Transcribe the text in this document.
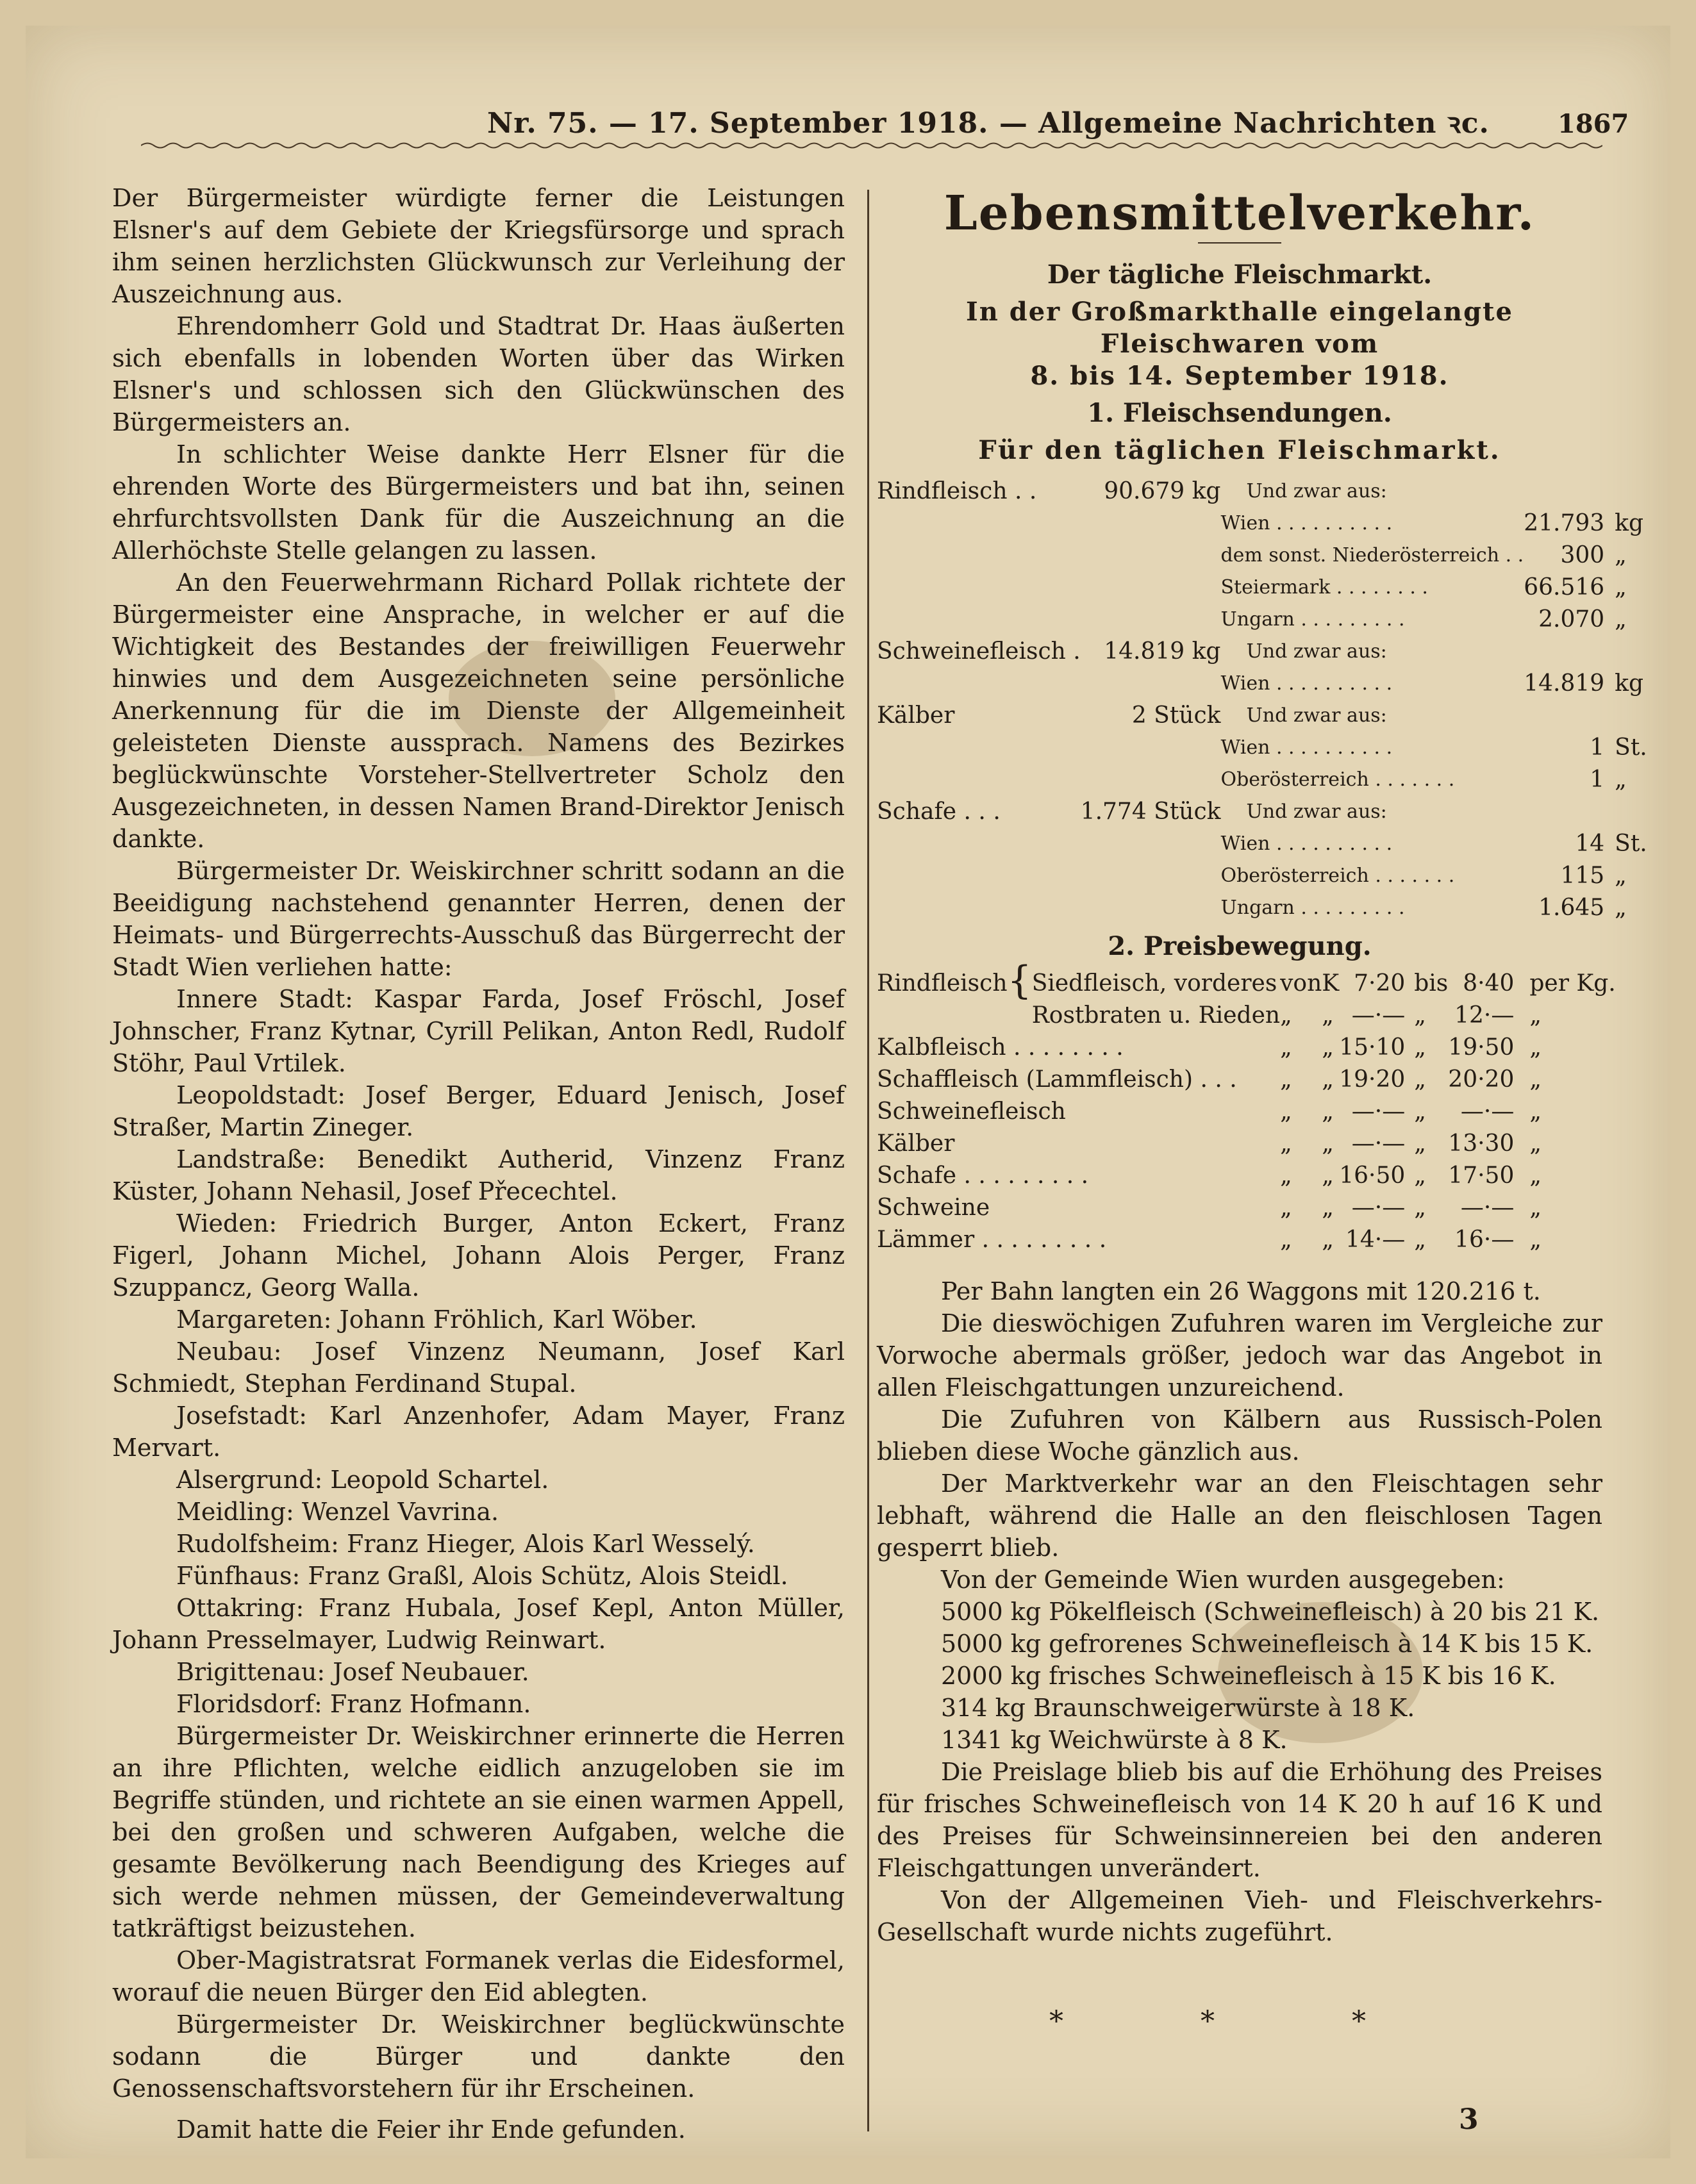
Nr. 75. — 17. September 1918. — Allgemeine Nachrichten ꝛc.	1867

Der Bürgermeister würdigte ferner die Leistungen Elsner's auf dem Gebiete der Kriegsfürsorge und sprach ihm seinen herzlichsten Glückwunsch zur Verleihung der Auszeichnung aus.

Ehrendomherr Gold und Stadtrat Dr. Haas äußerten sich ebenfalls in lobenden Worten über das Wirken Elsner's und schlossen sich den Glückwünschen des Bürgermeisters an.

In schlichter Weise dankte Herr Elsner für die ehrenden Worte des Bürgermeisters und bat ihn, seinen ehrfurchtsvollsten Dank für die Auszeichnung an die Allerhöchste Stelle gelangen zu lassen.

An den Feuerwehrmann Richard Pollak richtete der Bürgermeister eine Ansprache, in welcher er auf die Wichtigkeit des Bestandes der freiwilligen Feuerwehr hinwies und dem Ausgezeichneten seine persönliche Anerkennung für die im Dienste der Allgemeinheit geleisteten Dienste aussprach. Namens des Bezirkes beglückwünschte Vorsteher-Stellvertreter Scholz den Ausgezeichneten, in dessen Namen Brand-Direktor Jenisch dankte.

Bürgermeister Dr. Weiskirchner schritt sodann an die Beeidigung nachstehend genannter Herren, denen der Heimats- und Bürgerrechts-Ausschuß das Bürgerrecht der Stadt Wien verliehen hatte:

Innere Stadt: Kaspar Farda, Josef Fröschl, Josef Johnscher, Franz Kytnar, Cyrill Pelikan, Anton Redl, Rudolf Stöhr, Paul Vrtilek.

Leopoldstadt: Josef Berger, Eduard Jenisch, Josef Straßer, Martin Zineger.

Landstraße: Benedikt Autherid, Vinzenz Franz Küster, Johann Nehasil, Josef Přecechtel.

Wieden: Friedrich Burger, Anton Eckert, Franz Figerl, Johann Michel, Johann Alois Perger, Franz Szuppancz, Georg Walla.

Margareten: Johann Fröhlich, Karl Wöber.

Neubau: Josef Vinzenz Neumann, Josef Karl Schmiedt, Stephan Ferdinand Stupal.

Josefstadt: Karl Anzenhofer, Adam Mayer, Franz Mervart.

Alsergrund: Leopold Schartel.

Meidling: Wenzel Vavrina.

Rudolfsheim: Franz Hieger, Alois Karl Wesselý.

Fünfhaus: Franz Graßl, Alois Schütz, Alois Steidl.

Ottakring: Franz Hubala, Josef Kepl, Anton Müller, Johann Presselmayer, Ludwig Reinwart.

Brigittenau: Josef Neubauer.

Floridsdorf: Franz Hofmann.

Bürgermeister Dr. Weiskirchner erinnerte die Herren an ihre Pflichten, welche eidlich anzugeloben sie im Begriffe stünden, und richtete an sie einen warmen Appell, bei den großen und schweren Aufgaben, welche die gesamte Bevölkerung nach Beendigung des Krieges auf sich werde nehmen müssen, der Gemeindeverwaltung tatkräftigst beizustehen.

Ober-Magistratsrat Formanek verlas die Eidesformel, worauf die neuen Bürger den Eid ablegten.

Bürgermeister Dr. Weiskirchner beglückwünschte sodann die Bürger und dankte den Genossenschaftsvorstehern für ihr Erscheinen.

Damit hatte die Feier ihr Ende gefunden.

Lebensmittelverkehr.
Der tägliche Fleischmarkt.
In der Großmarkthalle eingelangte Fleischwaren vom
8. bis 14. September 1918.
1. Fleischsendungen.
Für den täglichen Fleischmarkt.
Rindfleisch . .	90.679 kg	Und zwar aus:		
		Wien . . . . . . . . . .	21.793	kg
		dem sonst. Niederösterreich . .	300	„
		Steiermark . . . . . . . .	66.516	„
		Ungarn . . . . . . . . .	2.070	„
Schweinefleisch .	14.819 kg	Und zwar aus:		
		Wien . . . . . . . . . .	14.819	kg
Kälber	2 Stück	Und zwar aus:		
		Wien . . . . . . . . . .	1	St.
		Oberösterreich . . . . . . .	1	„
Schafe . . .	1.774 Stück	Und zwar aus:		
		Wien . . . . . . . . . .	14	St.
		Oberösterreich . . . . . . .	115	„
		Ungarn . . . . . . . . .	1.645	„
2. Preisbewegung.
Rindfleisch	{	Siedfleisch, vorderes	von	K	7·20	bis	8·40	per Kg.
		Rostbraten u. Rieden	„	„	—·—	„	12·—	„
Kalbfleisch . . . . . . . .			„	„	15·10	„	19·50	„
Schaffleisch (Lammfleisch) . . .			„	„	19·20	„	20·20	„
Schweinefleisch			„	„	—·—	„	—·—	„
Kälber			„	„	—·—	„	13·30	„
Schafe . . . . . . . . .			„	„	16·50	„	17·50	„
Schweine			„	„	—·—	„	—·—	„
Lämmer . . . . . . . . .			„	„	14·—	„	16·—	„

Per Bahn langten ein 26 Waggons mit 120.216 t.

Die dieswöchigen Zufuhren waren im Vergleiche zur Vorwoche abermals größer, jedoch war das Angebot in allen Fleischgattungen unzureichend.

Die Zufuhren von Kälbern aus Russisch-Polen blieben diese Woche gänzlich aus.

Der Marktverkehr war an den Fleischtagen sehr lebhaft, während die Halle an den fleischlosen Tagen gesperrt blieb.

Von der Gemeinde Wien wurden ausgegeben:

5000 kg Pökelfleisch (Schweinefleisch) à 20 bis 21 K.

5000 kg gefrorenes Schweinefleisch à 14 K bis 15 K.

2000 kg frisches Schweinefleisch à 15 K bis 16 K.

314 kg Braunschweigerwürste à 18 K.

1341 kg Weichwürste à 8 K.

Die Preislage blieb bis auf die Erhöhung des Preises für frisches Schweinefleisch von 14 K 20 h auf 16 K und des Preises für Schweinsinnereien bei den anderen Fleischgattungen unverändert.

Von der Allgemeinen Vieh- und Fleischverkehrs-Gesellschaft wurde nichts zugeführt.

* * *
3
